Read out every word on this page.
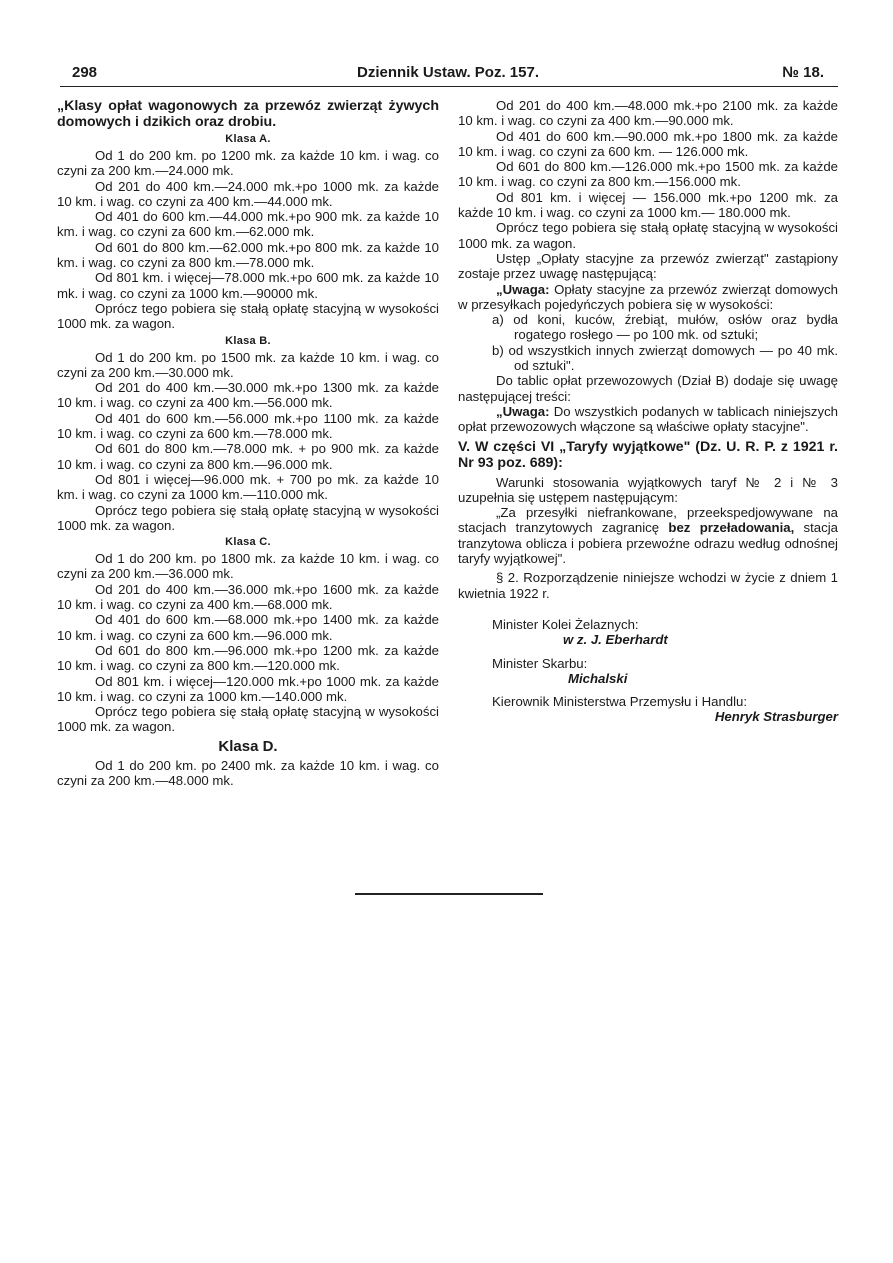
298	Dziennik Ustaw. Poz. 157.	№ 18.

„Klasy opłat wagonowych za przewóz zwierząt żywych domowych i dzikich oraz drobiu.

Klasa A.

Od 1 do 200 km. po 1200 mk. za każde 10 km. i wag. co czyni za 200 km.—24.000 mk.

Od 201 do 400 km.—24.000 mk.+po 1000 mk. za każde 10 km. i wag. co czyni za 400 km.—44.000 mk.

Od 401 do 600 km.—44.000 mk.+po 900 mk. za każde 10 km. i wag. co czyni za 600 km.—62.000 mk.

Od 601 do 800 km.—62.000 mk.+po 800 mk. za każde 10 km. i wag. co czyni za 800 km.—78.000 mk.

Od 801 km. i więcej—78.000 mk.+po 600 mk. za każde 10 mk. i wag. co czyni za 1000 km.—90000 mk.

Oprócz tego pobiera się stałą opłatę stacyjną w wysokości 1000 mk. za wagon.

Klasa B.

Od 1 do 200 km. po 1500 mk. za każde 10 km. i wag. co czyni za 200 km.—30.000 mk.

Od 201 do 400 km.—30.000 mk.+po 1300 mk. za każde 10 km. i wag. co czyni za 400 km.—56.000 mk.

Od 401 do 600 km.—56.000 mk.+po 1100 mk. za każde 10 km. i wag. co czyni za 600 km.—78.000 mk.

Od 601 do 800 km.—78.000 mk. + po 900 mk. za każde 10 km. i wag. co czyni za 800 km.—96.000 mk.

Od 801 i więcej—96.000 mk. + 700 po mk. za każde 10 km. i wag. co czyni za 1000 km.—110.000 mk.

Oprócz tego pobiera się stałą opłatę stacyjną w wysokości 1000 mk. za wagon.

Klasa C.

Od 1 do 200 km. po 1800 mk. za każde 10 km. i wag. co czyni za 200 km.—36.000 mk.

Od 201 do 400 km.—36.000 mk.+po 1600 mk. za każde 10 km. i wag. co czyni za 400 km.—68.000 mk.

Od 401 do 600 km.—68.000 mk.+po 1400 mk. za każde 10 km. i wag. co czyni za 600 km.—96.000 mk.

Od 601 do 800 km.—96.000 mk.+po 1200 mk. za każde 10 km. i wag. co czyni za 800 km.—120.000 mk.

Od 801 km. i więcej—120.000 mk.+po 1000 mk. za każde 10 km. i wag. co czyni za 1000 km.—140.000 mk.

Oprócz tego pobiera się stałą opłatę stacyjną w wysokości 1000 mk. za wagon.

Klasa D.

Od 1 do 200 km. po 2400 mk. za każde 10 km. i wag. co czyni za 200 km.—48.000 mk.

Od 201 do 400 km.—48.000 mk.+po 2100 mk. za każde 10 km. i wag. co czyni za 400 km.—90.000 mk.

Od 401 do 600 km.—90.000 mk.+po 1800 mk. za każde 10 km. i wag. co czyni za 600 km. — 126.000 mk.

Od 601 do 800 km.—126.000 mk.+po 1500 mk. za każde 10 km. i wag. co czyni za 800 km.—156.000 mk.

Od 801 km. i więcej — 156.000 mk.+po 1200 mk. za każde 10 km. i wag. co czyni za 1000 km.— 180.000 mk.

Oprócz tego pobiera się stałą opłatę stacyjną w wysokości 1000 mk. za wagon.

Ustęp „Opłaty stacyjne za przewóz zwierząt" zastąpiony zostaje przez uwagę następującą:

„Uwaga: Opłaty stacyjne za przewóz zwierząt domowych w przesyłkach pojedyńczych pobiera się w wysokości:

a) od koni, kuców, źrebiąt, mułów, osłów oraz bydła rogatego rosłego — po 100 mk. od sztuki;

b) od wszystkich innych zwierząt domowych — po 40 mk. od sztuki".

Do tablic opłat przewozowych (Dział B) dodaje się uwagę następującej treści:

„Uwaga: Do wszystkich podanych w tablicach niniejszych opłat przewozowych włączone są właściwe opłaty stacyjne".

V. W części VI „Taryfy wyjątkowe" (Dz. U. R. P. z 1921 r. Nr 93 poz. 689):

Warunki stosowania wyjątkowych taryf № 2 i № 3 uzupełnia się ustępem następującym:

„Za przesyłki niefrankowane, przeekspedjowywane na stacjach tranzytowych zagranicę bez przeładowania, stacja tranzytowa oblicza i pobiera przewoźne odrazu według odnośnej taryfy wyjątkowej".

§ 2. Rozporządzenie niniejsze wchodzi w życie z dniem 1 kwietnia 1922 r.

Minister Kolei Żelaznych:

w z. J. Eberhardt

Minister Skarbu:

Michalski

Kierownik Ministerstwa Przemysłu i Handlu:

Henryk Strasburger
